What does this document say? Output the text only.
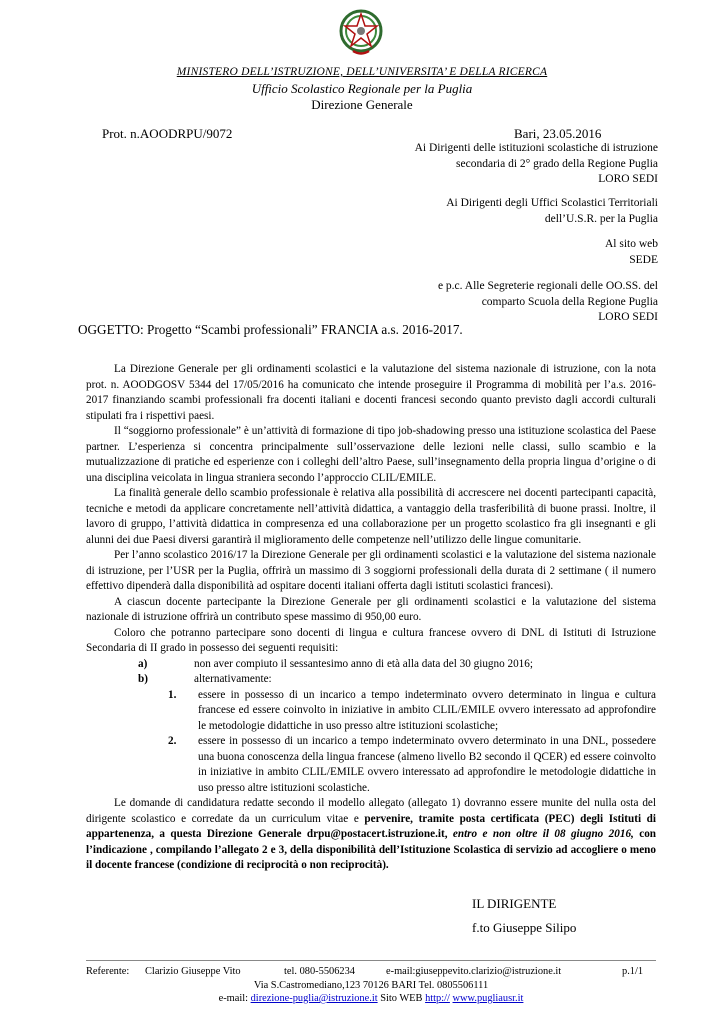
MINISTERO DELL’ISTRUZIONE, DELL’UNIVERSITA’ E DELLA RICERCA
Ufficio Scolastico Regionale per la Puglia
Direzione Generale
Prot. n.AOODRPU/9072	Bari, 23.05.2016
Ai Dirigenti delle istituzioni scolastiche di istruzione
secondaria di 2° grado della Regione Puglia
LORO SEDI
Ai Dirigenti degli Uffici Scolastici Territoriali
dell’U.S.R. per la Puglia
Al sito web
SEDE
e p.c. Alle Segreterie regionali delle OO.SS. del
comparto Scuola della Regione Puglia
LORO SEDI
OGGETTO: Progetto “Scambi professionali” FRANCIA a.s. 2016-2017.

La Direzione Generale per gli ordinamenti scolastici e la valutazione del sistema nazionale di istruzione, con la nota prot. n. AOODGOSV 5344 del 17/05/2016 ha comunicato che intende proseguire il Programma di mobilità per l’a.s. 2016-2017 finanziando scambi professionali fra docenti italiani e docenti francesi secondo quanto previsto dagli accordi culturali stipulati fra i rispettivi paesi.

Il “soggiorno professionale” è un’attività di formazione di tipo job-shadowing presso una istituzione scolastica del Paese partner. L’esperienza si concentra principalmente sull’osservazione delle lezioni nelle classi, sullo scambio e la mutualizzazione di pratiche ed esperienze con i colleghi dell’altro Paese, sull’insegnamento della propria lingua d’origine o di una disciplina veicolata in lingua straniera secondo l’approccio CLIL/EMILE.

La finalità generale dello scambio professionale è relativa alla possibilità di accrescere nei docenti partecipanti capacità, tecniche e metodi da applicare concretamente nell’attività didattica, a vantaggio della trasferibilità di buone prassi. Inoltre, il lavoro di gruppo, l’attività didattica in compresenza ed una collaborazione per un progetto scolastico fra gli insegnanti e gli alunni dei due Paesi diversi garantirà il miglioramento delle competenze nell’utilizzo delle lingue comunitarie.

Per l’anno scolastico 2016/17 la Direzione Generale per gli ordinamenti scolastici e la valutazione del sistema nazionale di istruzione, per l’USR per la Puglia, offrirà un massimo di 3 soggiorni professionali della durata di 2 settimane ( il numero effettivo dipenderà dalla disponibilità ad ospitare docenti italiani offerta dagli istituti scolastici francesi).

A ciascun docente partecipante la Direzione Generale per gli ordinamenti scolastici e la valutazione del sistema nazionale di istruzione offrirà un contributo spese massimo di 950,00 euro.

Coloro che potranno partecipare sono docenti di lingua e cultura francese ovvero di DNL di Istituti di Istruzione Secondaria di II grado in possesso dei seguenti requisiti:

a)	non aver compiuto il sessantesimo anno di età alla data del 30 giugno 2016;
b)	alternativamente:
1.	essere in possesso di un incarico a tempo indeterminato ovvero determinato in lingua e cultura francese ed essere coinvolto in iniziative in ambito CLIL/EMILE ovvero interessato ad approfondire le metodologie didattiche in uso presso altre istituzioni scolastiche;
2.	essere in possesso di un incarico a tempo indeterminato ovvero determinato in una DNL, possedere una buona conoscenza della lingua francese (almeno livello B2 secondo il QCER) ed essere coinvolto in iniziative in ambito CLIL/EMILE ovvero interessato ad approfondire le metodologie didattiche in uso presso altre istituzioni scolastiche.

Le domande di candidatura redatte secondo il modello allegato (allegato 1) dovranno essere munite del nulla osta del dirigente scolastico e corredate da un curriculum vitae e pervenire, tramite posta certificata (PEC) degli Istituti di appartenenza, a questa Direzione Generale drpu@postacert.istruzione.it, entro e non oltre il 08 giugno 2016, con l’indicazione , compilando l’allegato 2 e 3, della disponibilità dell’Istituzione Scolastica di servizio ad accogliere o meno il docente francese (condizione di reciprocità o non reciprocità).

IL DIRIGENTE
f.to Giuseppe Silipo
Referente: Clarizio Giuseppe Vito	tel. 080-5506234	e-mail:giuseppevito.clarizio@istruzione.it	p.1/1
Via S.Castromediano,123 70126 BARI Tel. 0805506111
e-mail: direzione-puglia@istruzione.it Sito WEB http:// www.pugliausr.it
